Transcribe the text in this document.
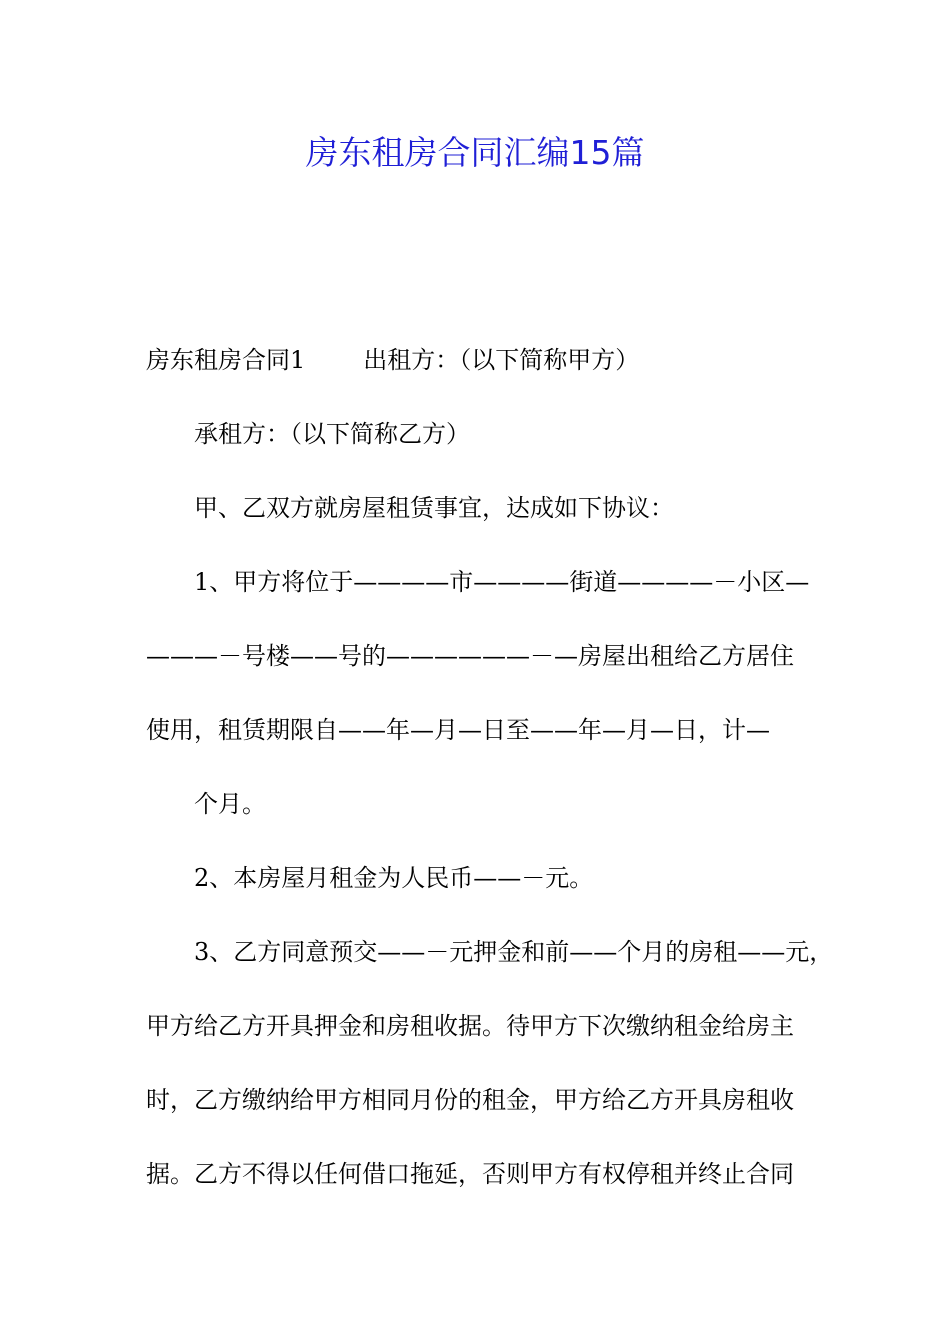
房东租房合同汇编15篇

房东租房合同1 出租方：（以下简称甲方）

承租方：（以下简称乙方）

甲、乙双方就房屋租赁事宜，达成如下协议：

1、甲方将位于————市————街道————－小区—

———－号楼——号的——————－—房屋出租给乙方居住

使用，租赁期限自——年—月—日至——年—月—日，计—

个月。

2、本房屋月租金为人民币——－元。

3、乙方同意预交——－元押金和前——个月的房租——元，

甲方给乙方开具押金和房租收据。待甲方下次缴纳租金给房主

时，乙方缴纳给甲方相同月份的租金，甲方给乙方开具房租收

据。乙方不得以任何借口拖延，否则甲方有权停租并终止合同
